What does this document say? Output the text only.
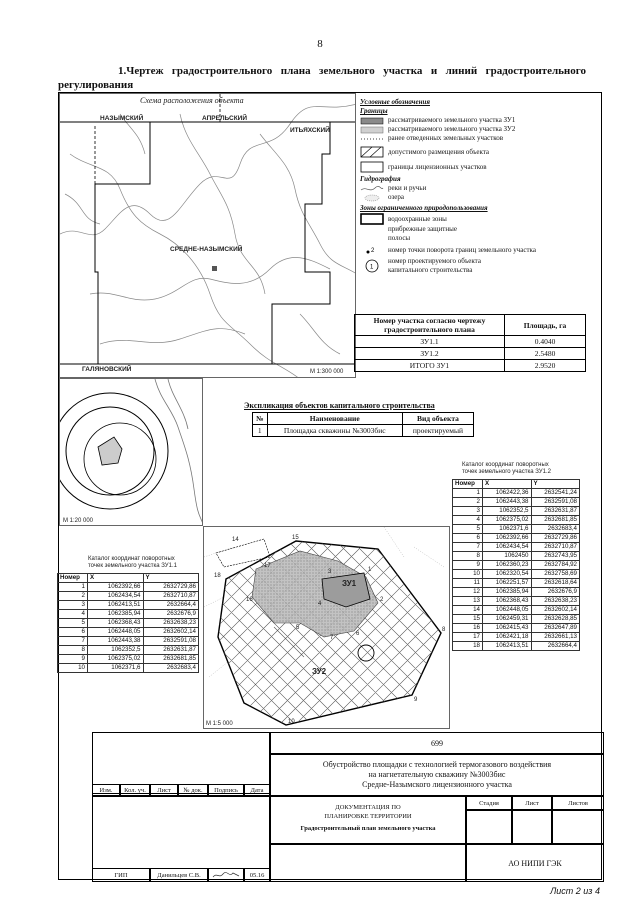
8
1.Чертеж градостроительного плана земельного участка и линий градостроительного регулирования
Схема расположения объекта
НАЗЫМСКИЙ	АПРЕЛЬСКИЙ
ИТЬЯХСКИЙ
СРЕДНЕ-НАЗЫМСКИЙ
ГАЛЯНОВСКИЙ	М 1:300 000
М 1:20 000
Условные обозначения
Границы
рассматриваемого земельного участка ЗУ1
рассматриваемого земельного участка ЗУ2
ранее отведенных земельных участков
допустимого размещения объекта
границы лицензионных участков
Гидрография
реки и ручьи
озера
Зоны ограниченного природопользования
водоохранные зоны
прибрежные защитные полосы
2 номер точки поворота границ земельного участка
1
номер проектируемого объекта капитального строительства
Номер участка согласно чертежу градостроительного плана	Площадь, га
ЗУ1.1	0.4040
ЗУ1.2	2.5480
ИТОГО ЗУ1	2.9520
Экспликация объектов капитального строительства
№	Наименование	Вид объекта
1	Площадка скважины №3003бис	проектируемый
Каталог координат поворотных
точек земельного участка ЗУ1.2
Номер	X	Y
1	1062422,36	2632541,24
2	1062443,38	2632591,08
3	1062352,5	2632631,87
4	1062375,02	2632681,85
5	1062371,6	2632683,4
6	1062392,66	2632729,86
7	1062434,54	2632710,87
8	1062450	2632743,95
9	1062360,23	2632784,92
10	1062320,54	2632758,69
11	1062251,57	2632618,64
12	1062385,94	2632676,9
13	1062368,43	2632638,23
14	1062448,05	2632602,14
15	1062459,31	2632628,85
16	1062415,43	2632647,89
17	1062421,18	2632661,13
18	1062413,51	2632664,4
Каталог координат поворотных
точек земельного участка ЗУ1.1
Номер	X	Y
1	1062392,66	2632729,86
2	1062434,54	2632710,87
3	1062413,51	2632664,4
4	1062385,94	2632676,9
5	1062368,43	2632638,23
6	1062448,05	2632602,14
7	1062443,38	2632591,08
8	1062352,5	2632631,87
9	1062375,02	2632681,85
10	1062371,6	2632683,4
ЗУ1
ЗУ2
14	15
18
17
16
1
2
3
4
5
6
7
8
9
10
М 1:5 000
Изм.	Кол. уч.	Лист	№ док.	Подпись	Дата
699
Обустройство площадки с технологией термогазового воздействия
на нагнетательную скважину №3003бис
Средне-Назымского лицензионного участка
ДОКУМЕНТАЦИЯ ПО
ПЛАНИРОВКЕ ТЕРРИТОРИИ
Градостроительный план земельного участка
Стадия	Лист	Листов
АО НИПИ ГЭК
ГИП	Данильцев С.В.	05.16
Лист 2 из 4
